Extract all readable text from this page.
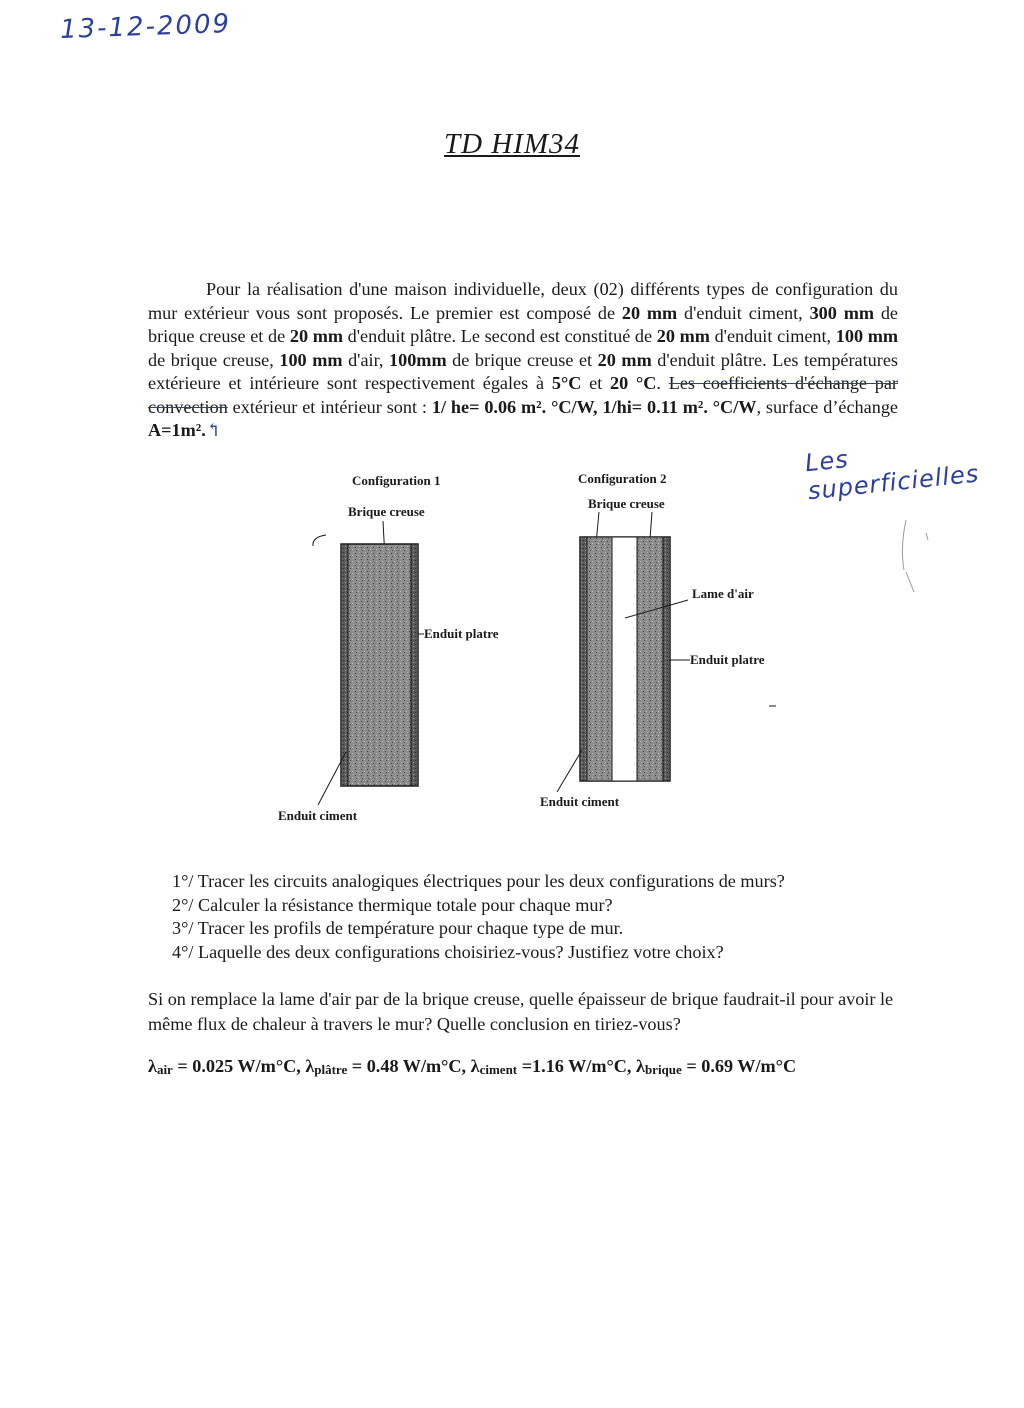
13-12-2009
TD HIM34

Pour la réalisation d'une maison individuelle, deux (02) différents types de configuration du mur extérieur vous sont proposés. Le premier est composé de 20 mm d'enduit ciment, 300 mm de brique creuse et de 20 mm d'enduit plâtre. Le second est constitué de 20 mm d'enduit ciment, 100 mm de brique creuse, 100 mm d'air, 100mm de brique creuse et 20 mm d'enduit plâtre. Les températures extérieure et intérieure sont respectivement égales à 5°C et 20 °C. Les coefficients d'échange par convection extérieur et intérieur sont : 1/ he= 0.06 m². °C/W, 1/hi= 0.11 m². °C/W, surface d’échange A=1m².↰

Les superficielles
Configuration 1
Brique creuse
Enduit platre
Enduit ciment
Configuration 2
Brique creuse
Lame d'air
Enduit platre
Enduit ciment
1°/ Tracer les circuits analogiques électriques pour les deux configurations de murs?
2°/ Calculer la résistance thermique totale pour chaque mur?
3°/ Tracer les profils de température pour chaque type de mur.
4°/ Laquelle des deux configurations choisiriez-vous? Justifiez votre choix?

Si on remplace la lame d'air par de la brique creuse, quelle épaisseur de brique faudrait-il pour avoir le même flux de chaleur à travers le mur? Quelle conclusion en tiriez-vous?

$\lambda_{air} = 0.025$ W/m°C, $\lambda_{plâtre} = 0.48$ W/m°C, $\lambda_{ciment} =1.16$ W/m°C, $\lambda_{brique} = 0.69$ W/m°C
